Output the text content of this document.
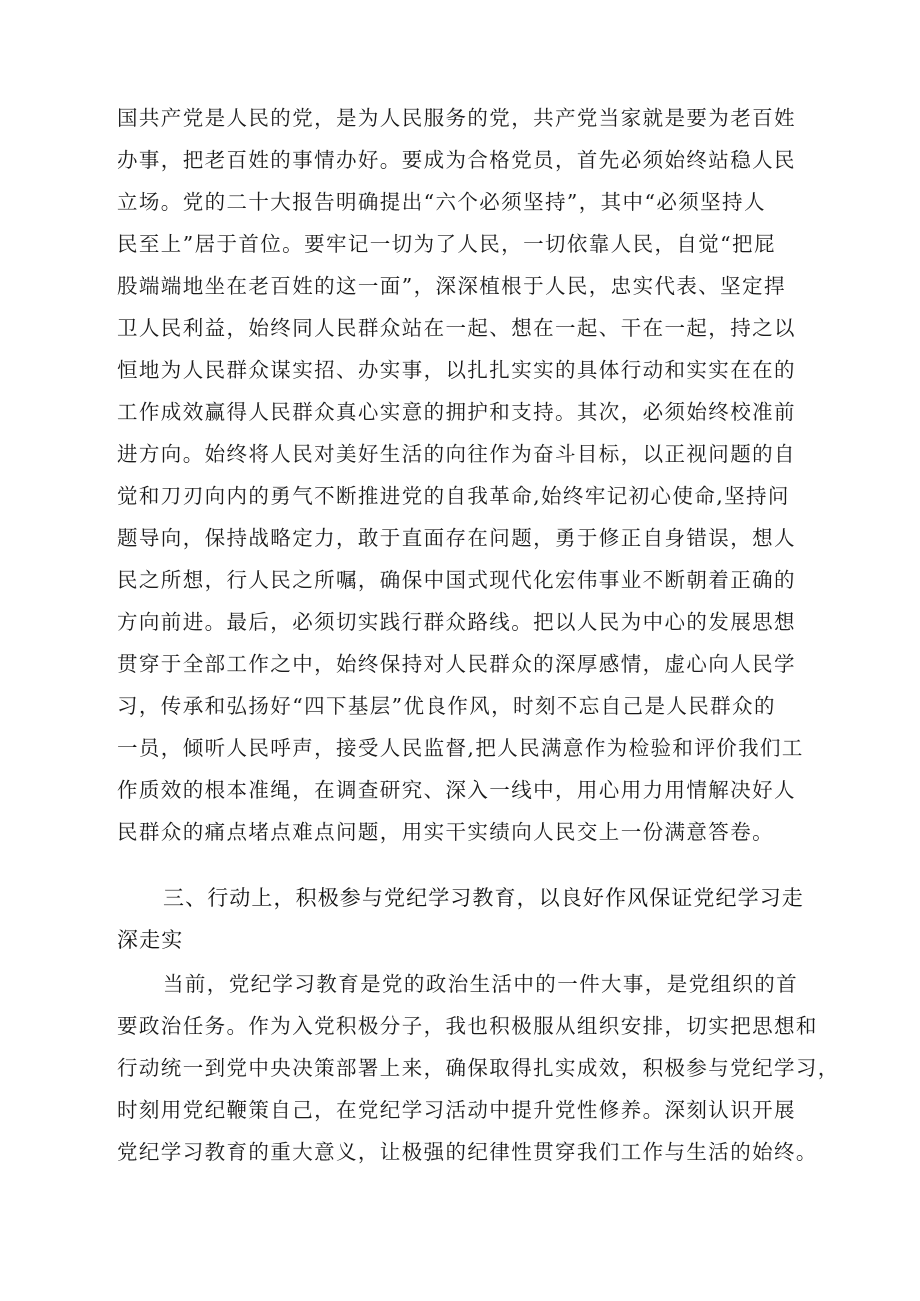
国共产党是人民的党，是为人民服务的党，共产党当家就是要为老百姓
办事，把老百姓的事情办好。要成为合格党员，首先必须始终站稳人民
立场。党的二十大报告明确提出“六个必须坚持”，其中“必须坚持人
民至上”居于首位。要牢记一切为了人民，一切依靠人民，自觉“把屁
股端端地坐在老百姓的这一面”，深深植根于人民，忠实代表、坚定捍
卫人民利益，始终同人民群众站在一起、想在一起、干在一起，持之以
恒地为人民群众谋实招、办实事，以扎扎实实的具体行动和实实在在的
工作成效赢得人民群众真心实意的拥护和支持。其次，必须始终校准前
进方向。始终将人民对美好生活的向往作为奋斗目标，以正视问题的自
觉和刀刃向内的勇气不断推进党的自我革命,始终牢记初心使命,坚持问
题导向，保持战略定力，敢于直面存在问题，勇于修正自身错误，想人
民之所想，行人民之所嘱，确保中国式现代化宏伟事业不断朝着正确的
方向前进。最后，必须切实践行群众路线。把以人民为中心的发展思想
贯穿于全部工作之中，始终保持对人民群众的深厚感情，虚心向人民学
习，传承和弘扬好“四下基层”优良作风，时刻不忘自己是人民群众的
一员，倾听人民呼声，接受人民监督,把人民满意作为检验和评价我们工
作质效的根本准绳，在调查研究、深入一线中，用心用力用情解决好人
民群众的痛点堵点难点问题，用实干实绩向人民交上一份满意答卷。
三、行动上，积极参与党纪学习教育，以良好作风保证党纪学习走
深走实
当前，党纪学习教育是党的政治生活中的一件大事，是党组织的首
要政治任务。作为入党积极分子，我也积极服从组织安排，切实把思想和
行动统一到党中央决策部署上来，确保取得扎实成效，积极参与党纪学习，
时刻用党纪鞭策自己，在党纪学习活动中提升党性修养。深刻认识开展
党纪学习教育的重大意义，让极强的纪律性贯穿我们工作与生活的始终。
